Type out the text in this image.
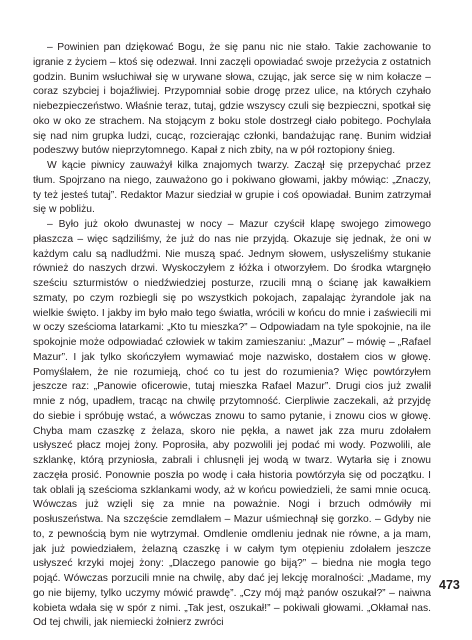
– Powinien pan dziękować Bogu, że się panu nic nie stało. Takie zachowanie to igranie z życiem – ktoś się odezwał. Inni zaczęli opowiadać swoje przeżycia z ostatnich godzin. Bunim wsłuchiwał się w urywane słowa, czując, jak serce się w nim kołacze – coraz szybciej i bojaźliwiej. Przypomniał sobie drogę przez ulice, na których czyhało niebezpieczeństwo. Właśnie teraz, tutaj, gdzie wszyscy czuli się bezpieczni, spotkał się oko w oko ze strachem. Na stojącym z boku stole dostrzegł ciało pobitego. Pochylała się nad nim grupka ludzi, cucąc, rozcierając członki, bandażując ranę. Bunim widział podeszwy butów nieprzytomnego. Kapał z nich zbity, na w pół roztopiony śnieg.

W kącie piwnicy zauważył kilka znajomych twarzy. Zaczął się przepychać przez tłum. Spojrzano na niego, zauważono go i pokiwano głowami, jakby mówiąc: „Znaczy, ty też jesteś tutaj”. Redaktor Mazur siedział w grupie i coś opowiadał. Bunim zatrzymał się w pobliżu.

– Było już około dwunastej w nocy – Mazur czyścił klapę swojego zimowego płaszcza – więc sądziliśmy, że już do nas nie przyjdą. Okazuje się jednak, że oni w każdym calu są nadludźmi. Nie muszą spać. Jednym słowem, usłyszeliśmy stukanie również do naszych drzwi. Wyskoczyłem z łóżka i otworzyłem. Do środka wtargnęło sześciu szturmistów o niedźwiedziej posturze, rzucili mną o ścianę jak kawałkiem szmaty, po czym rozbiegli się po wszystkich pokojach, zapalając żyrandole jak na wielkie święto. I jakby im było mało tego światła, wrócili w końcu do mnie i zaświecili mi w oczy sześcioma latarkami: „Kto tu mieszka?” – Odpowiadam na tyle spokojnie, na ile spokojnie może odpowiadać człowiek w takim zamieszaniu: „Mazur” – mówię – „Rafael Mazur”. I jak tylko skończyłem wymawiać moje nazwisko, dostałem cios w głowę. Pomyślałem, że nie rozumieją, choć co tu jest do rozumienia? Więc powtórzyłem jeszcze raz: „Panowie oficerowie, tutaj mieszka Rafael Mazur”. Drugi cios już zwalił mnie z nóg, upadłem, tracąc na chwilę przytomność. Cierpliwie zaczekali, aż przyjdę do siebie i spróbuję wstać, a wówczas znowu to samo pytanie, i znowu cios w głowę. Chyba mam czaszkę z żelaza, skoro nie pękła, a nawet jak zza muru zdołałem usłyszeć płacz mojej żony. Poprosiła, aby pozwolili jej podać mi wody. Pozwolili, ale szklankę, którą przyniosła, zabrali i chlusnęli jej wodą w twarz. Wytarła się i znowu zaczęła prosić. Ponownie poszła po wodę i cała historia powtórzyła się od początku. I tak oblali ją sześcioma szklankami wody, aż w końcu powiedzieli, że sami mnie ocucą. Wówczas już wzięli się za mnie na poważnie. Nogi i brzuch odmówiły mi posłuszeństwa. Na szczęście zemdlałem – Mazur uśmiechnął się gorzko. – Gdyby nie to, z pewnością bym nie wytrzymał. Omdlenie omdleniu jednak nie równe, a ja mam, jak już powiedziałem, żelazną czaszkę i w całym tym otępieniu zdołałem jeszcze usłyszeć krzyki mojej żony: „Dlaczego panowie go biją?” – biedna nie mogła tego pojąć. Wówczas porzucili mnie na chwilę, aby dać jej lekcję moralności: „Madame, my go nie bijemy, tylko uczymy mówić prawdę”. „Czy mój mąż panów oszukał?” – naiwna kobieta wdała się w spór z nimi. „Tak jest, oszukał!” – pokiwali głowami. „Okłamał nas. Od tej chwili, jak niemiecki żołnierz zwróci

473
